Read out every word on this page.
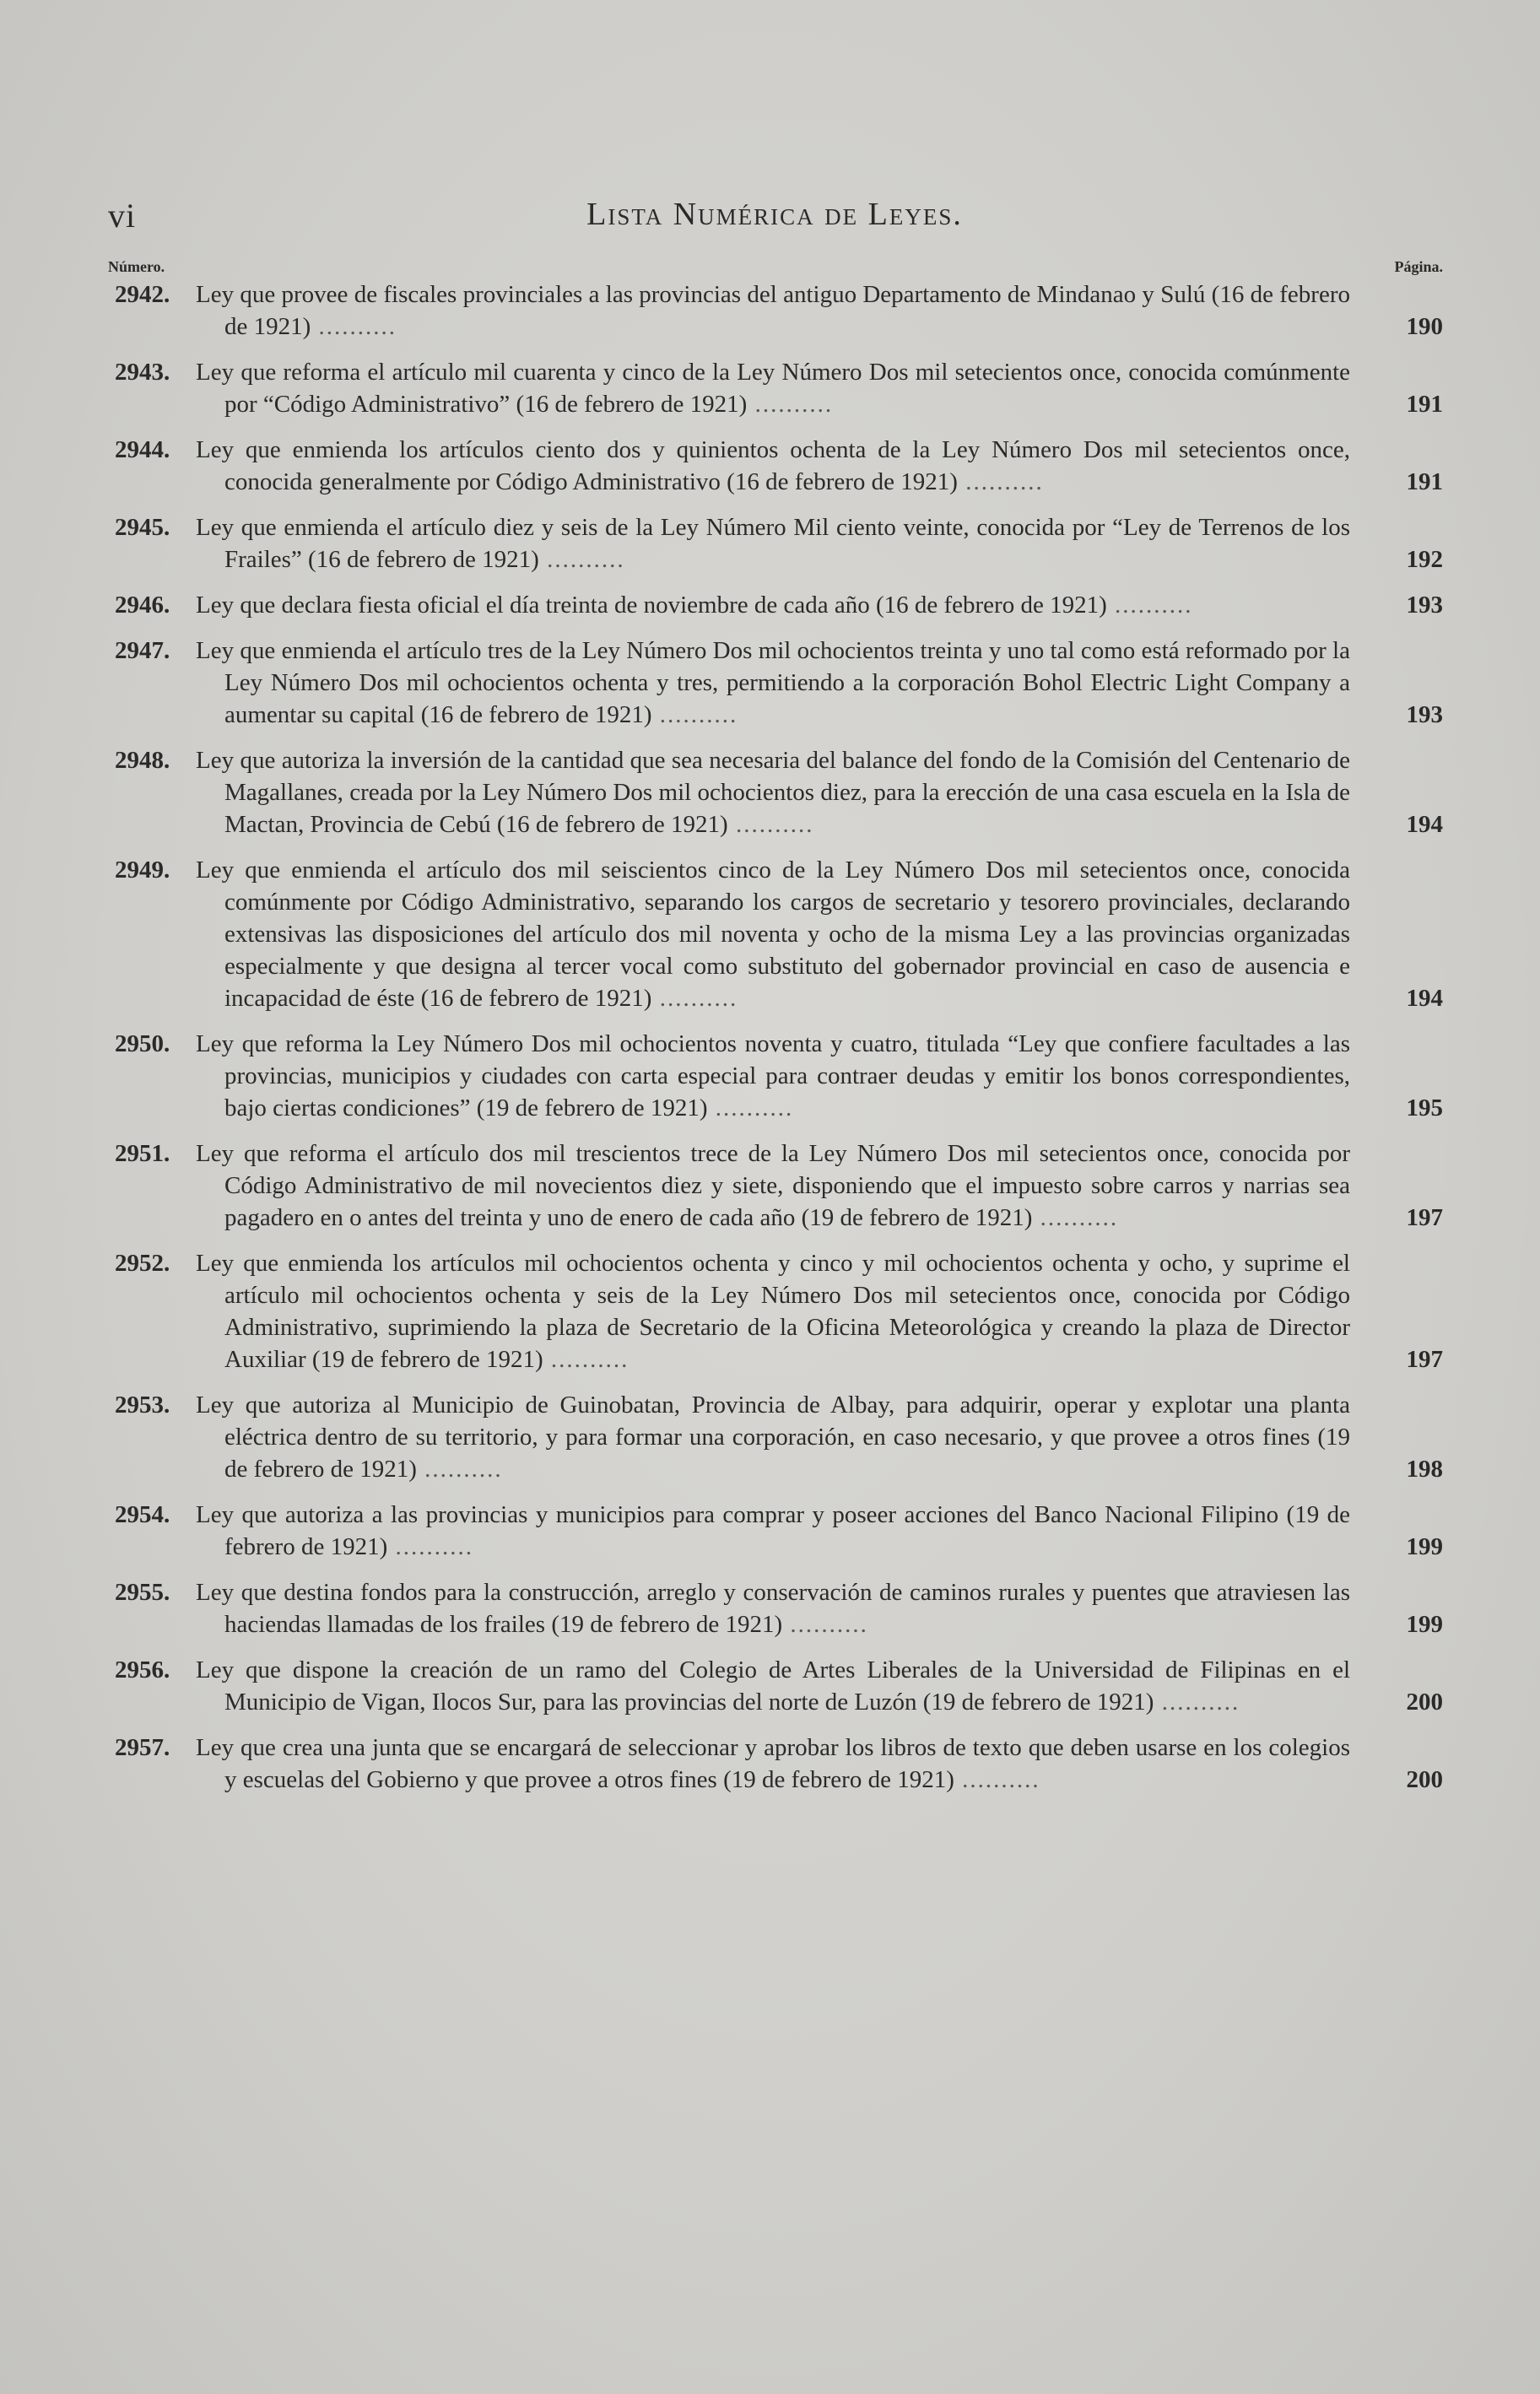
vi	Lista Numérica de Leyes.
Número.	Página.
2942.	Ley que provee de fiscales provinciales a las provincias del antiguo Departamento de Mindanao y Sulú (16 de febrero de 1921) ..........	190
2943.	Ley que reforma el artículo mil cuarenta y cinco de la Ley Número Dos mil setecientos once, conocida comúnmente por “Código Administrativo” (16 de febrero de 1921) ..........	191
2944.	Ley que enmienda los artículos ciento dos y quinientos ochenta de la Ley Número Dos mil setecientos once, conocida generalmente por Código Administrativo (16 de febrero de 1921) ..........	191
2945.	Ley que enmienda el artículo diez y seis de la Ley Número Mil ciento veinte, conocida por “Ley de Terrenos de los Frailes” (16 de febrero de 1921) ..........	192
2946.	Ley que declara fiesta oficial el día treinta de noviembre de cada año (16 de febrero de 1921) ..........	193
2947.	Ley que enmienda el artículo tres de la Ley Número Dos mil ochocientos treinta y uno tal como está reformado por la Ley Número Dos mil ochocientos ochenta y tres, permitiendo a la corporación Bohol Electric Light Company a aumentar su capital (16 de febrero de 1921) ..........	193
2948.	Ley que autoriza la inversión de la cantidad que sea necesaria del balance del fondo de la Comisión del Centenario de Magallanes, creada por la Ley Número Dos mil ochocientos diez, para la erección de una casa escuela en la Isla de Mactan, Provincia de Cebú (16 de febrero de 1921) ..........	194
2949.	Ley que enmienda el artículo dos mil seiscientos cinco de la Ley Número Dos mil setecientos once, conocida comúnmente por Código Administrativo, separando los cargos de secretario y tesorero provinciales, declarando extensivas las disposiciones del artículo dos mil noventa y ocho de la misma Ley a las provincias organizadas especialmente y que designa al tercer vocal como substituto del gobernador provincial en caso de ausencia e incapacidad de éste (16 de febrero de 1921) ..........	194
2950.	Ley que reforma la Ley Número Dos mil ochocientos noventa y cuatro, titulada “Ley que confiere facultades a las provincias, municipios y ciudades con carta especial para contraer deudas y emitir los bonos correspondientes, bajo ciertas condiciones” (19 de febrero de 1921) ..........	195
2951.	Ley que reforma el artículo dos mil trescientos trece de la Ley Número Dos mil setecientos once, conocida por Código Administrativo de mil novecientos diez y siete, disponiendo que el impuesto sobre carros y narrias sea pagadero en o antes del treinta y uno de enero de cada año (19 de febrero de 1921) ..........	197
2952.	Ley que enmienda los artículos mil ochocientos ochenta y cinco y mil ochocientos ochenta y ocho, y suprime el artículo mil ochocientos ochenta y seis de la Ley Número Dos mil setecientos once, conocida por Código Administrativo, suprimiendo la plaza de Secretario de la Oficina Meteorológica y creando la plaza de Director Auxiliar (19 de febrero de 1921) ..........	197
2953.	Ley que autoriza al Municipio de Guinobatan, Provincia de Albay, para adquirir, operar y explotar una planta eléctrica dentro de su territorio, y para formar una corporación, en caso necesario, y que provee a otros fines (19 de febrero de 1921) ..........	198
2954.	Ley que autoriza a las provincias y municipios para comprar y poseer acciones del Banco Nacional Filipino (19 de febrero de 1921) ..........	199
2955.	Ley que destina fondos para la construcción, arreglo y conservación de caminos rurales y puentes que atraviesen las haciendas llamadas de los frailes (19 de febrero de 1921) ..........	199
2956.	Ley que dispone la creación de un ramo del Colegio de Artes Liberales de la Universidad de Filipinas en el Municipio de Vigan, Ilocos Sur, para las provincias del norte de Luzón (19 de febrero de 1921) ..........	200
2957.	Ley que crea una junta que se encargará de seleccionar y aprobar los libros de texto que deben usarse en los colegios y escuelas del Gobierno y que provee a otros fines (19 de febrero de 1921) ..........	200
